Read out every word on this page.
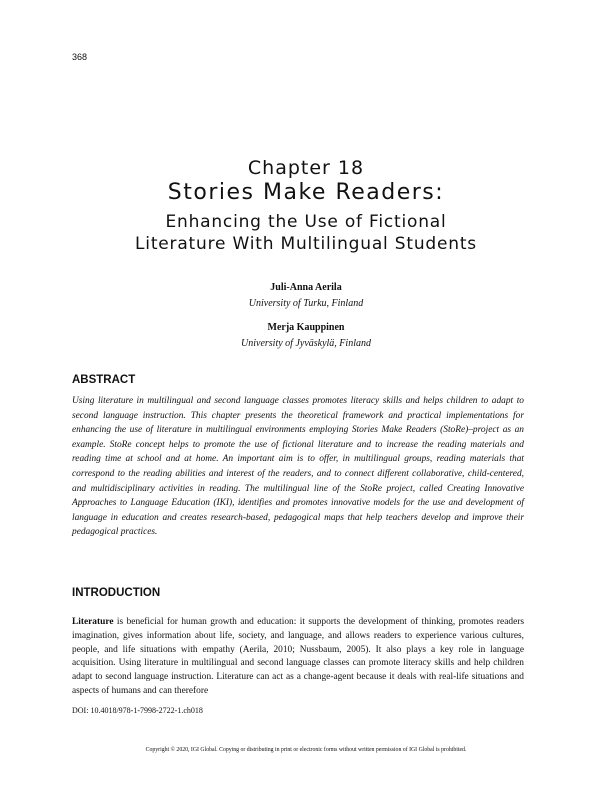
368
Chapter 18
Stories Make Readers:
Enhancing the Use of Fictional
Literature With Multilingual Students
Juli-Anna Aerila
University of Turku, Finland
Merja Kauppinen
University of Jyväskylä, Finland
ABSTRACT

Using literature in multilingual and second language classes promotes literacy skills and helps children to adapt to second language instruction. This chapter presents the theoretical framework and practical implementations for enhancing the use of literature in multilingual environments employing Stories Make Readers (StoRe)–project as an example. StoRe concept helps to promote the use of fictional literature and to increase the reading materials and reading time at school and at home. An important aim is to offer, in multilingual groups, reading materials that correspond to the reading abilities and interest of the readers, and to connect different collaborative, child-centered, and multidisciplinary activities in reading. The multilingual line of the StoRe project, called Creating Innovative Approaches to Language Education (IKI), identifies and promotes innovative models for the use and development of language in education and creates research-based, pedagogical maps that help teachers develop and improve their pedagogical practices.

INTRODUCTION

Literature is beneficial for human growth and education: it supports the development of thinking, promotes readers imagination, gives information about life, society, and language, and allows readers to experience various cultures, people, and life situations with empathy (Aerila, 2010; Nussbaum, 2005). It also plays a key role in language acquisition. Using literature in multilingual and second language classes can promote literacy skills and help children adapt to second language instruction. Literature can act as a change-agent because it deals with real-life situations and aspects of humans and can therefore

DOI: 10.4018/978-1-7998-2722-1.ch018
Copyright © 2020, IGI Global. Copying or distributing in print or electronic forms without written permission of IGI Global is prohibited.
